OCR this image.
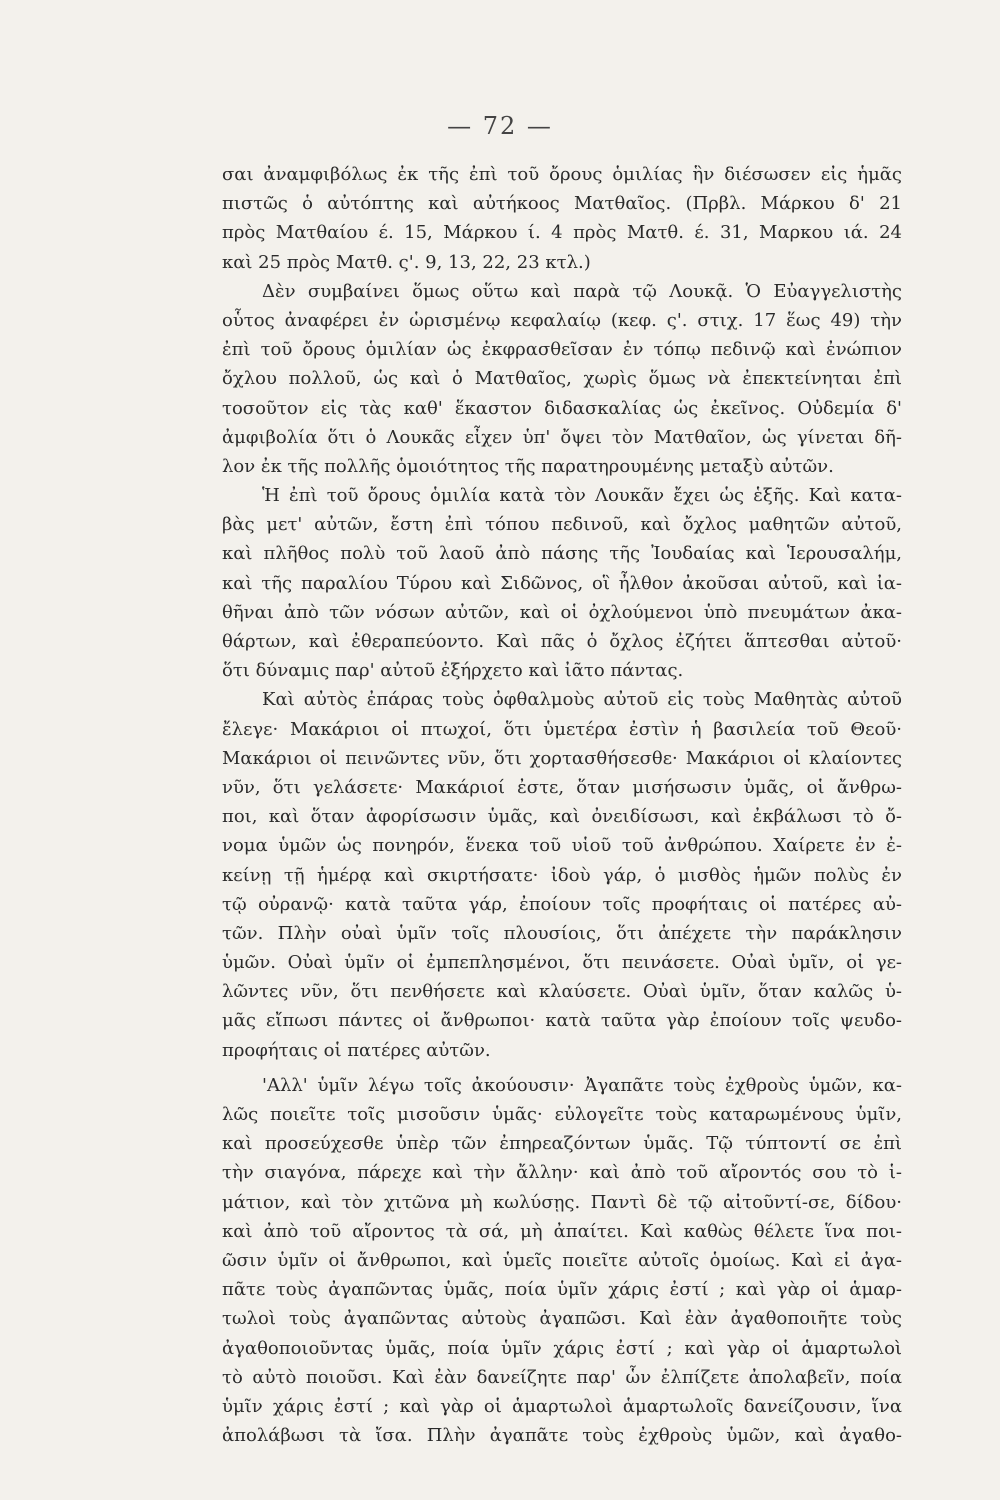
— 72 —
σαι ἀναμφιβόλως ἐκ τῆς ἐπὶ τοῦ ὄρους ὁμιλίας ἣν διέσωσεν εἰς ἡμᾶς
πιστῶς ὁ αὐτόπτης καὶ αὐτήκοος Ματθαῖος. (Πρβλ. Μάρκου δ' 21
πρὸς Ματθαίου έ. 15, Μάρκου ί. 4 πρὸς Ματθ. έ. 31, Μαρκου ιά. 24
καὶ 25 πρὸς Ματθ. ς'. 9, 13, 22, 23 κτλ.)
Δὲν συμβαίνει ὅμως οὕτω καὶ παρὰ τῷ Λουκᾷ. Ὁ Εὐαγγελιστὴς
οὗτος ἀναφέρει ἐν ὡρισμένῳ κεφαλαίῳ (κεφ. ς'. στιχ. 17 ἕως 49) τὴν
ἐπὶ τοῦ ὄρους ὁμιλίαν ὡς ἐκφρασθεῖσαν ἐν τόπῳ πεδινῷ καὶ ἐνώπιον
ὄχλου πολλοῦ, ὡς καὶ ὁ Ματθαῖος, χωρὶς ὅμως νὰ ἐπεκτείνηται ἐπὶ
τοσοῦτον εἰς τὰς καθ' ἕκαστον διδασκαλίας ὡς ἐκεῖνος. Οὐδεμία δ'
ἀμφιβολία ὅτι ὁ Λουκᾶς εἶχεν ὑπ' ὄψει τὸν Ματθαῖον, ὡς γίνεται δῆ-
λον ἐκ τῆς πολλῆς ὁμοιότητος τῆς παρατηρουμένης μεταξὺ αὐτῶν.
Ἡ ἐπὶ τοῦ ὄρους ὁμιλία κατὰ τὸν Λουκᾶν ἔχει ὡς ἑξῆς. Καὶ κατα-
βὰς μετ' αὐτῶν, ἔστη ἐπὶ τόπου πεδινοῦ, καὶ ὄχλος μαθητῶν αὐτοῦ,
καὶ πλῆθος πολὺ τοῦ λαοῦ ἀπὸ πάσης τῆς Ἰουδαίας καὶ Ἱερουσαλήμ,
καὶ τῆς παραλίου Τύρου καὶ Σιδῶνος, οἳ ἦλθον ἀκοῦσαι αὐτοῦ, καὶ ἰα-
θῆναι ἀπὸ τῶν νόσων αὐτῶν, καὶ οἱ ὀχλούμενοι ὑπὸ πνευμάτων ἀκα-
θάρτων, καὶ ἐθεραπεύοντο. Καὶ πᾶς ὁ ὄχλος ἐζήτει ἅπτεσθαι αὐτοῦ·
ὅτι δύναμις παρ' αὐτοῦ ἐξήρχετο καὶ ἰᾶτο πάντας.
Καὶ αὐτὸς ἐπάρας τοὺς ὀφθαλμοὺς αὐτοῦ εἰς τοὺς Μαθητὰς αὐτοῦ
ἔλεγε· Μακάριοι οἱ πτωχοί, ὅτι ὑμετέρα ἐστὶν ἡ βασιλεία τοῦ Θεοῦ·
Μακάριοι οἱ πεινῶντες νῦν, ὅτι χορτασθήσεσθε· Μακάριοι οἱ κλαίοντες
νῦν, ὅτι γελάσετε· Μακάριοί ἐστε, ὅταν μισήσωσιν ὑμᾶς, οἱ ἄνθρω-
ποι, καὶ ὅταν ἀφορίσωσιν ὑμᾶς, καὶ ὀνειδίσωσι, καὶ ἐκβάλωσι τὸ ὄ-
νομα ὑμῶν ὡς πονηρόν, ἕνεκα τοῦ υἱοῦ τοῦ ἀνθρώπου. Χαίρετε ἐν ἐ-
κείνῃ τῇ ἡμέρᾳ καὶ σκιρτήσατε· ἰδοὺ γάρ, ὁ μισθὸς ἡμῶν πολὺς ἐν
τῷ οὐρανῷ· κατὰ ταῦτα γάρ, ἐποίουν τοῖς προφήταις οἱ πατέρες αὐ-
τῶν. Πλὴν οὐαὶ ὑμῖν τοῖς πλουσίοις, ὅτι ἀπέχετε τὴν παράκλησιν
ὑμῶν. Οὐαὶ ὑμῖν οἱ ἐμπεπλησμένοι, ὅτι πεινάσετε. Οὐαὶ ὑμῖν, οἱ γε-
λῶντες νῦν, ὅτι πενθήσετε καὶ κλαύσετε. Οὐαὶ ὑμῖν, ὅταν καλῶς ὑ-
μᾶς εἴπωσι πάντες οἱ ἄνθρωποι· κατὰ ταῦτα γὰρ ἐποίουν τοῖς ψευδο-
προφήταις οἱ πατέρες αὐτῶν.
'Αλλ' ὑμῖν λέγω τοῖς ἀκούουσιν· Ἀγαπᾶτε τοὺς ἐχθροὺς ὑμῶν, κα-
λῶς ποιεῖτε τοῖς μισοῦσιν ὑμᾶς· εὐλογεῖτε τοὺς καταρωμένους ὑμῖν,
καὶ προσεύχεσθε ὑπὲρ τῶν ἐπηρεαζόντων ὑμᾶς. Τῷ τύπτοντί σε ἐπὶ
τὴν σιαγόνα, πάρεχε καὶ τὴν ἄλλην· καὶ ἀπὸ τοῦ αἴροντός σου τὸ ἱ-
μάτιον, καὶ τὸν χιτῶνα μὴ κωλύσῃς. Παντὶ δὲ τῷ αἰτοῦντί-σε, δίδου·
καὶ ἀπὸ τοῦ αἴροντος τὰ σά, μὴ ἀπαίτει. Καὶ καθὼς θέλετε ἵνα ποι-
ῶσιν ὑμῖν οἱ ἄνθρωποι, καὶ ὑμεῖς ποιεῖτε αὐτοῖς ὁμοίως. Καὶ εἰ ἀγα-
πᾶτε τοὺς ἀγαπῶντας ὑμᾶς, ποία ὑμῖν χάρις ἐστί ; καὶ γὰρ οἱ ἁμαρ-
τωλοὶ τοὺς ἀγαπῶντας αὐτοὺς ἀγαπῶσι. Καὶ ἐὰν ἀγαθοποιῆτε τοὺς
ἀγαθοποιοῦντας ὑμᾶς, ποία ὑμῖν χάρις ἐστί ; καὶ γὰρ οἱ ἁμαρτωλοὶ
τὸ αὐτὸ ποιοῦσι. Καὶ ἐὰν δανείζητε παρ' ὧν ἐλπίζετε ἀπολαβεῖν, ποία
ὑμῖν χάρις ἐστί ; καὶ γὰρ οἱ ἁμαρτωλοὶ ἁμαρτωλοῖς δανείζουσιν, ἵνα
ἀπολάβωσι τὰ ἴσα. Πλὴν ἀγαπᾶτε τοὺς ἐχθροὺς ὑμῶν, καὶ ἀγαθο-
